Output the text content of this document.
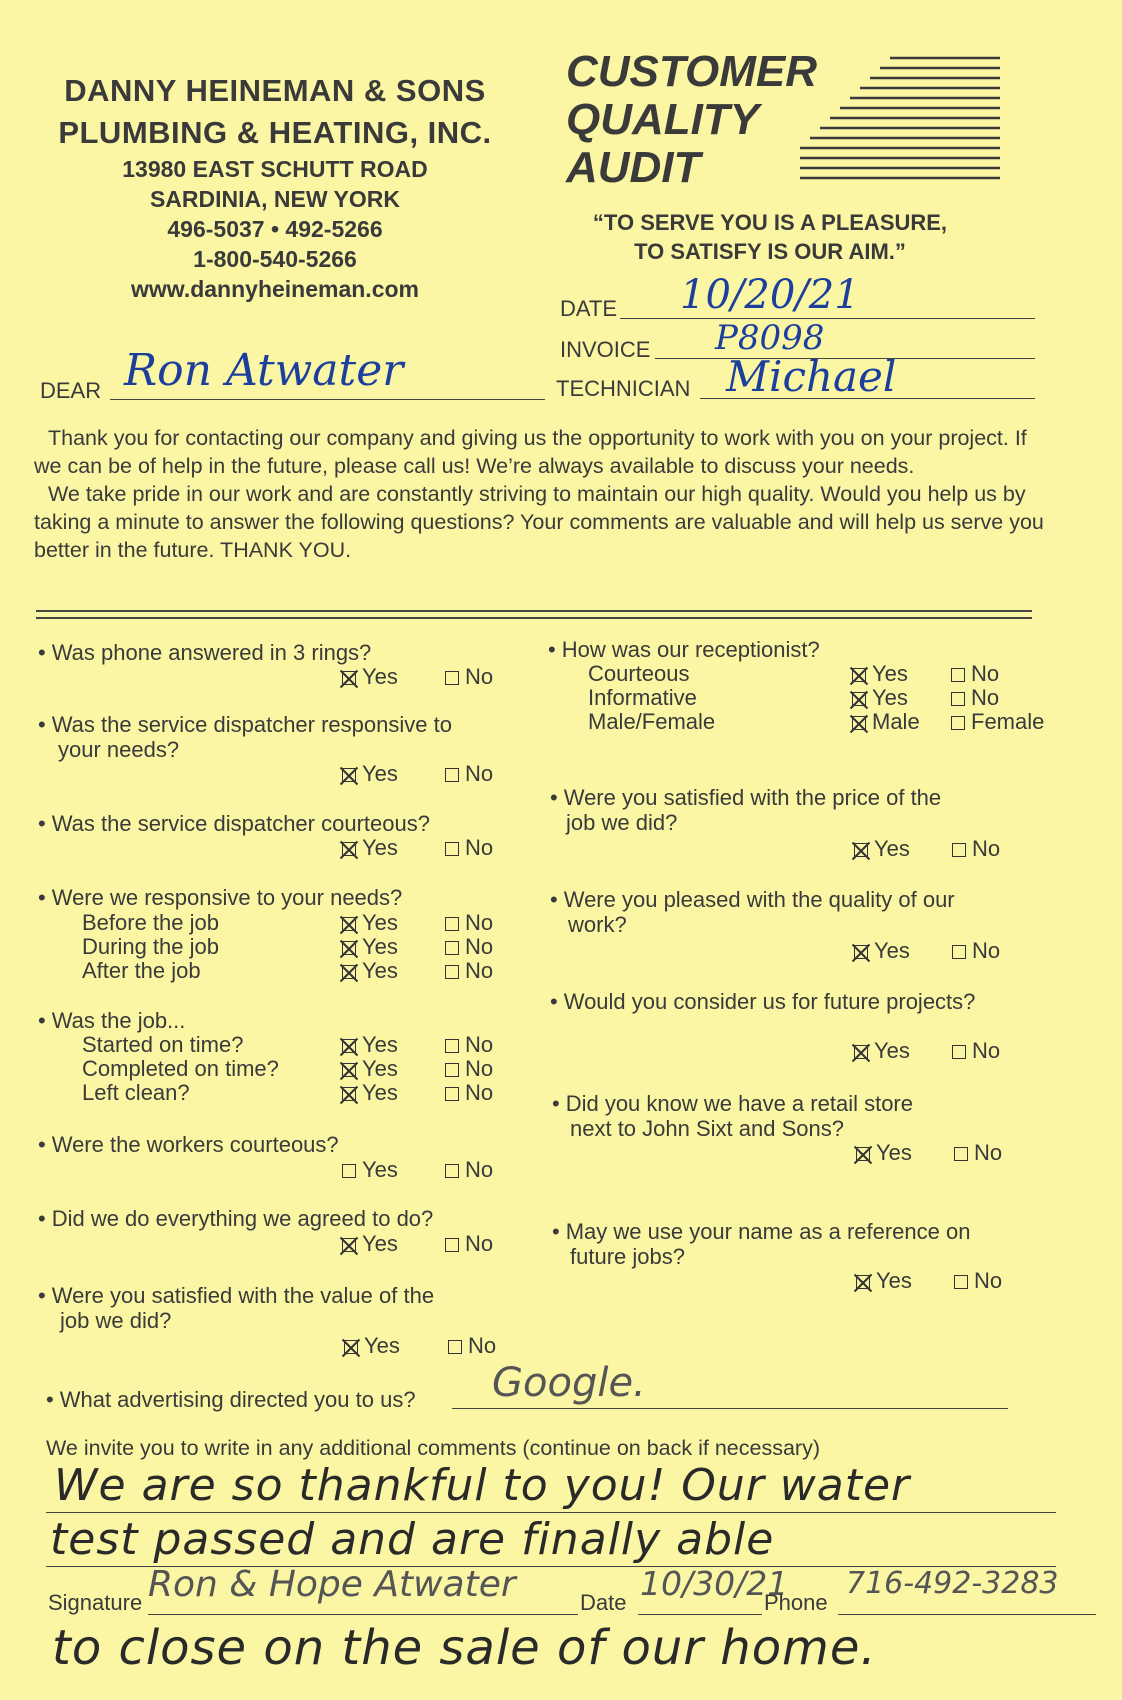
DANNY HEINEMAN & SONS
PLUMBING & HEATING, INC.
13980 EAST SCHUTT ROAD
SARDINIA, NEW YORK
496-5037 • 492-5266
1-800-540-5266
www.dannyheineman.com
CUSTOMER
QUALITY
AUDIT
“TO SERVE YOU IS A PLEASURE,
TO SATISFY IS OUR AIM.”
DATE 10/20/21
INVOICE P8098
DEAR Ron Atwater	TECHNICIAN Michael

Thank you for contacting our company and giving us the opportunity to work with you on your project. If we can be of help in the future, please call us! We’re always available to discuss your needs.

We take pride in our work and are constantly striving to maintain our high quality. Would you help us by taking a minute to answer the following questions? Your comments are valuable and will help us serve you better in the future. THANK YOU.

• Was phone answered in 3 rings?
Yes	No
• Was the service dispatcher responsive to
your needs?
Yes	No
• Was the service dispatcher courteous?
Yes	No
• Were we responsive to your needs?
Before the job	Yes	No
During the job	Yes	No
After the job	Yes	No
• Was the job...
Started on time?	Yes	No
Completed on time?	Yes	No
Left clean?	Yes	No
• Were the workers courteous?
Yes	No
• Did we do everything we agreed to do?
Yes	No
• Were you satisfied with the value of the
job we did?
Yes	No
• How was our receptionist?
Courteous	Yes	No
Informative	Yes	No
Male/Female	Male	Female
• Were you satisfied with the price of the
job we did?
Yes	No
• Were you pleased with the quality of our
work?
Yes	No
• Would you consider us for future projects?
Yes	No
• Did you know we have a retail store
next to John Sixt and Sons?
Yes	No
• May we use your name as a reference on
future jobs?
Yes	No
• What advertising directed you to us? Google.
We invite you to write in any additional comments (continue on back if necessary)
We are so thankful to you! Our water
test passed and are finally able
Signature Ron & Hope Atwater	Date 10/30/21
Phone
716-492-3283
to close on the sale of our home.
